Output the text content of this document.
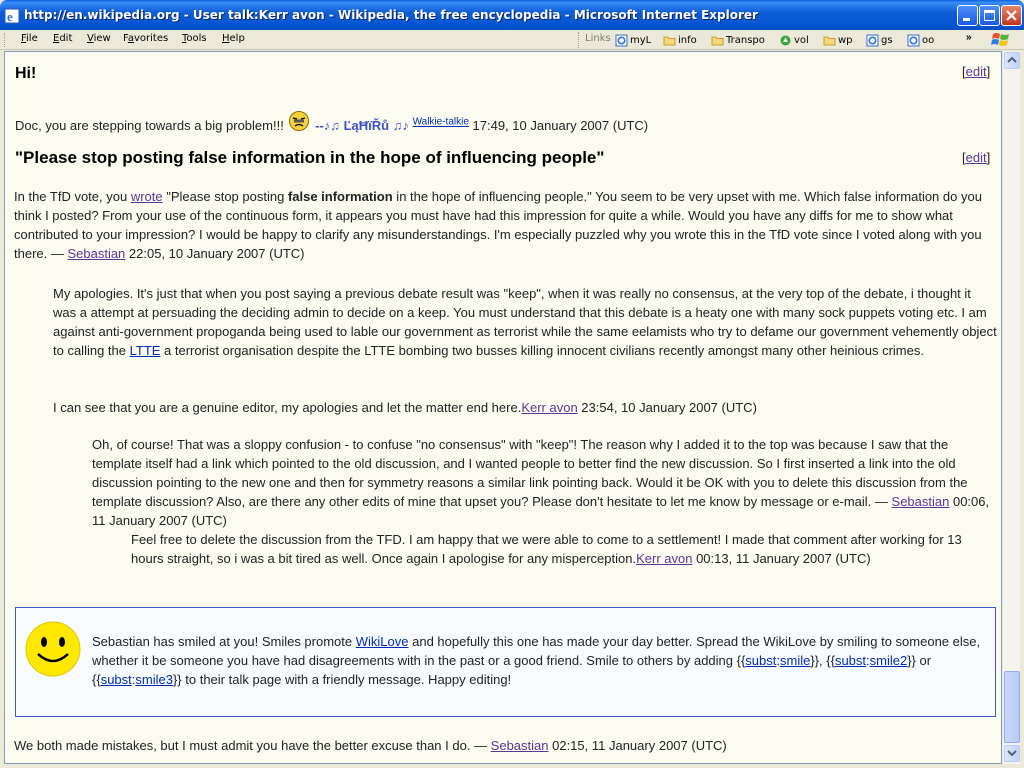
e http://en.wikipedia.org - User talk:Kerr avon - Wikipedia, the free encyclopedia - Microsoft Internet Explorer
File Edit View Favorites Tools Help	Links myL	info	Transpo	vol	wp	gs	oo	»
Hi!	[edit]
Doc, you are stepping towards a big problem!!! --♪♫ ĽąĦïŘů ♫♪ $^{Walkie-talkie}$ 17:49, 10 January 2007 (UTC)
"Please stop posting false information in the hope of influencing people"	[edit]
In the TfD vote, you wrote "Please stop posting false information in the hope of influencing people." You seem to be very upset with me. Which false information do you think I posted? From your use of the continuous form, it appears you must have had this impression for quite a while. Would you have any diffs for me to show what contributed to your impression? I would be happy to clarify any misunderstandings. I'm especially puzzled why you wrote this in the TfD vote since I voted along with you there. — Sebastian 22:05, 10 January 2007 (UTC)
My apologies. It's just that when you post saying a previous debate result was "keep", when it was really no consensus, at the very top of the debate, i thought it was a attempt at persuading the deciding admin to decide on a keep. You must understand that this debate is a heaty one with many sock puppets voting etc. I am against anti-government propoganda being used to lable our government as terrorist while the same eelamists who try to defame our government vehemently object to calling the LTTE a terrorist organisation despite the LTTE bombing two busses killing innocent civilians recently amongst many other heinious crimes.
I can see that you are a genuine editor, my apologies and let the matter end here.Kerr avon 23:54, 10 January 2007 (UTC)
Oh, of course! That was a sloppy confusion - to confuse "no consensus" with "keep"! The reason why I added it to the top was because I saw that the template itself had a link which pointed to the old discussion, and I wanted people to better find the new discussion. So I first inserted a link into the old discussion pointing to the new one and then for symmetry reasons a similar link pointing back. Would it be OK with you to delete this discussion from the template discussion? Also, are there any other edits of mine that upset you? Please don't hesitate to let me know by message or e-mail. — Sebastian 00:06, 11 January 2007 (UTC)
Feel free to delete the discussion from the TFD. I am happy that we were able to come to a settlement! I made that comment after working for 13 hours straight, so i was a bit tired as well. Once again I apologise for any misperception.Kerr avon 00:13, 11 January 2007 (UTC)
Sebastian has smiled at you! Smiles promote WikiLove and hopefully this one has made your day better. Spread the WikiLove by smiling to someone else, whether it be someone you have had disagreements with in the past or a good friend. Smile to others by adding {{subst:smile}}, {{subst:smile2}} or {{subst:smile3}} to their talk page with a friendly message. Happy editing!
We both made mistakes, but I must admit you have the better excuse than I do. — Sebastian 02:15, 11 January 2007 (UTC)
